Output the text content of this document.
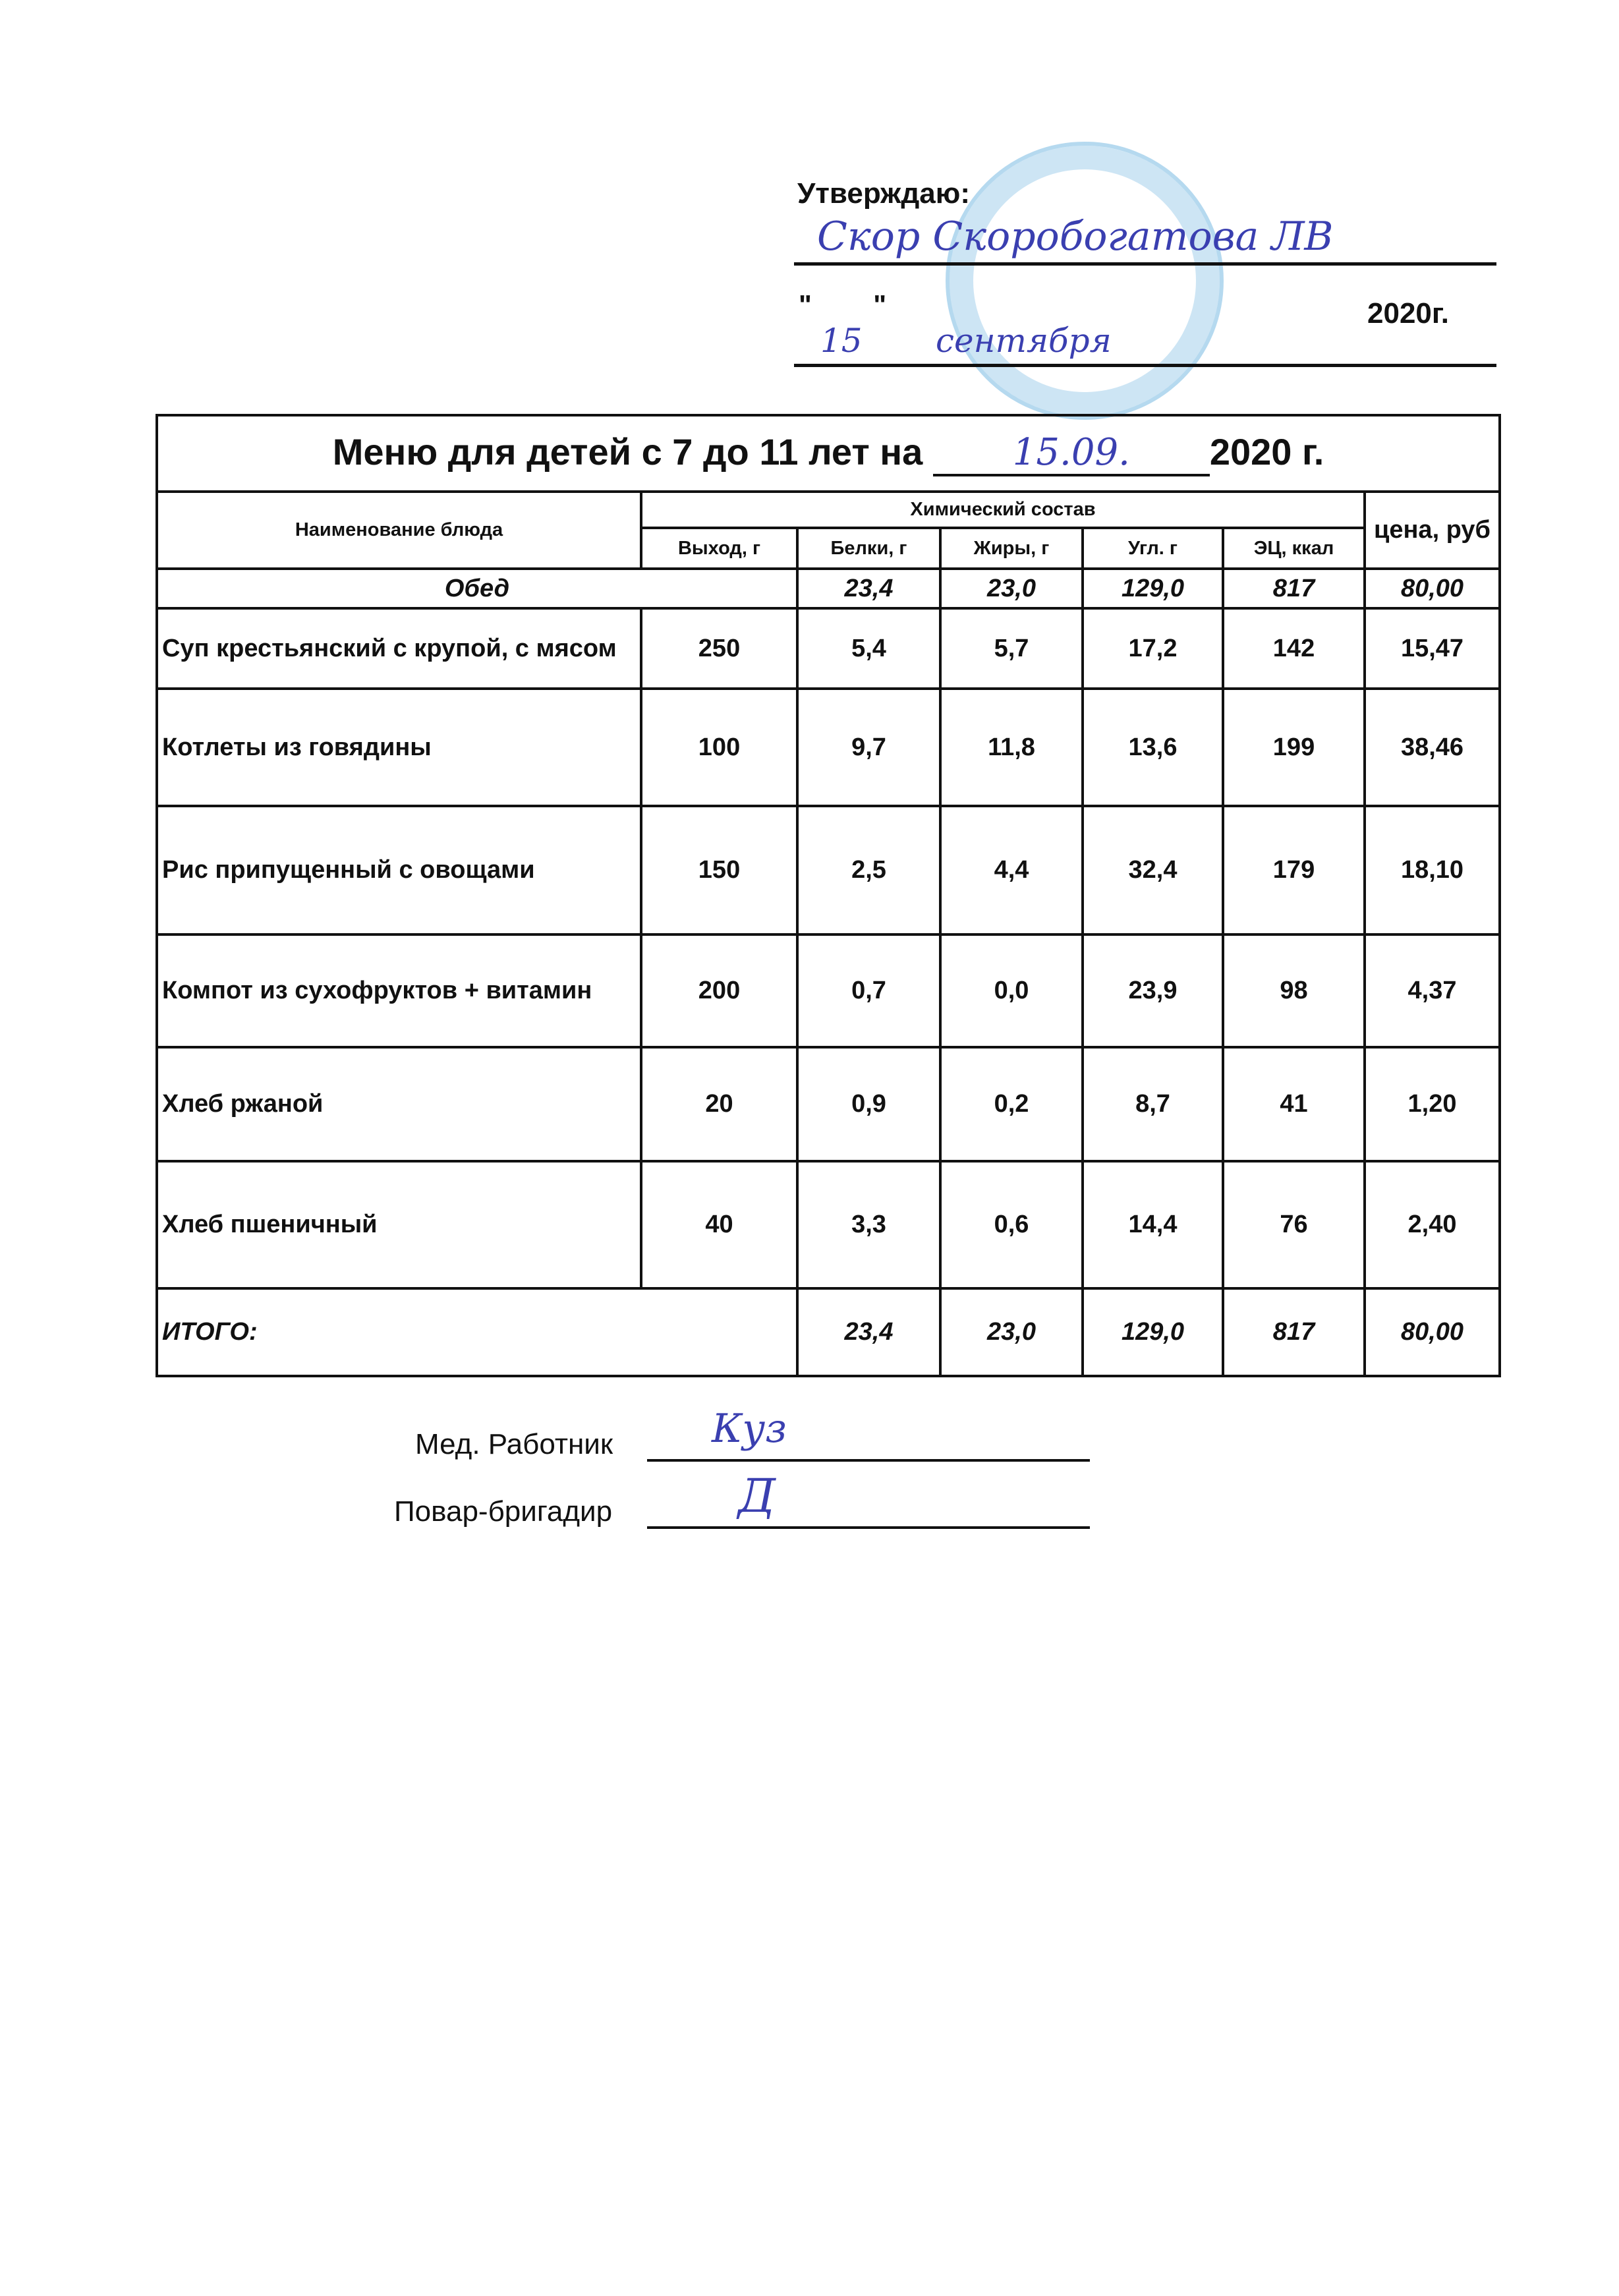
Утверждаю:
Скор Скоробогатова ЛВ
"        "
15 сентября
2020г.
Меню для детей с 7 до 11 лет на 15.09. 2020 г.						
Наименование блюда	Химический состав					цена, руб
	Выход, г	Белки, г	Жиры, г	Угл. г	ЭЦ, ккал	
Обед		23,4	23,0	129,0	817	80,00
Суп крестьянский с крупой, с мясом	250	5,4	5,7	17,2	142	15,47
Котлеты из говядины	100	9,7	11,8	13,6	199	38,46
Рис припущенный с овощами	150	2,5	4,4	32,4	179	18,10
Компот из сухофруктов + витамин	200	0,7	0,0	23,9	98	4,37
Хлеб ржаной	20	0,9	0,2	8,7	41	1,20
Хлеб пшеничный	40	3,3	0,6	14,4	76	2,40
ИТОГО:		23,4	23,0	129,0	817	80,00
Мед. Работник Куз
Повар-бригадир	Д
